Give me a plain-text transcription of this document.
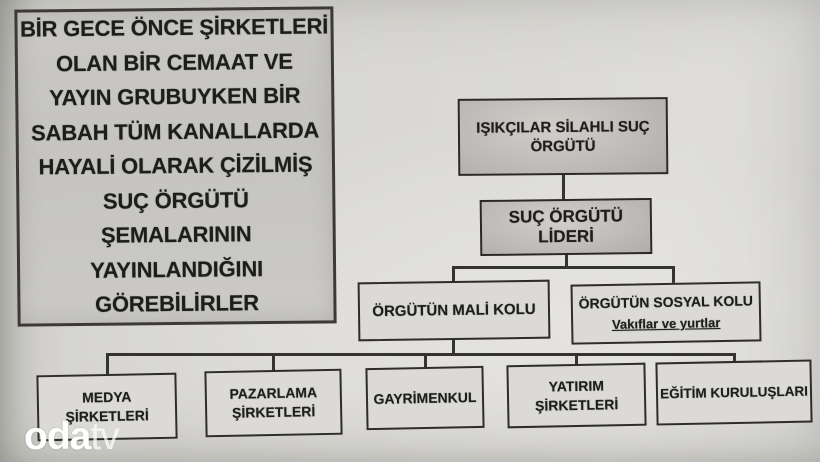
BİR GECE ÖNCE ŞİRKETLERİ
OLAN BİR CEMAAT VE
YAYIN GRUBUYKEN BİR
SABAH TÜM KANALLARDA
HAYALİ OLARAK ÇİZİLMİŞ
SUÇ ÖRGÜTÜ
ŞEMALARININ
YAYINLANDIĞINI
GÖREBİLİRLER
IŞIKÇILAR SİLAHLI SUÇ
ÖRGÜTÜ
SUÇ ÖRGÜTÜ LİDERİ
ÖRGÜTÜN MALİ KOLU	ÖRGÜTÜN SOSYAL KOLU
Vakıflar ve yurtlar
MEDYA
ŞİRKETLERİ
PAZARLAMA
ŞİRKETLERİ
GAYRİMENKUL
YATIRIM
ŞİRKETLERİ
EĞİTİM KURULUŞLARI
odatv
